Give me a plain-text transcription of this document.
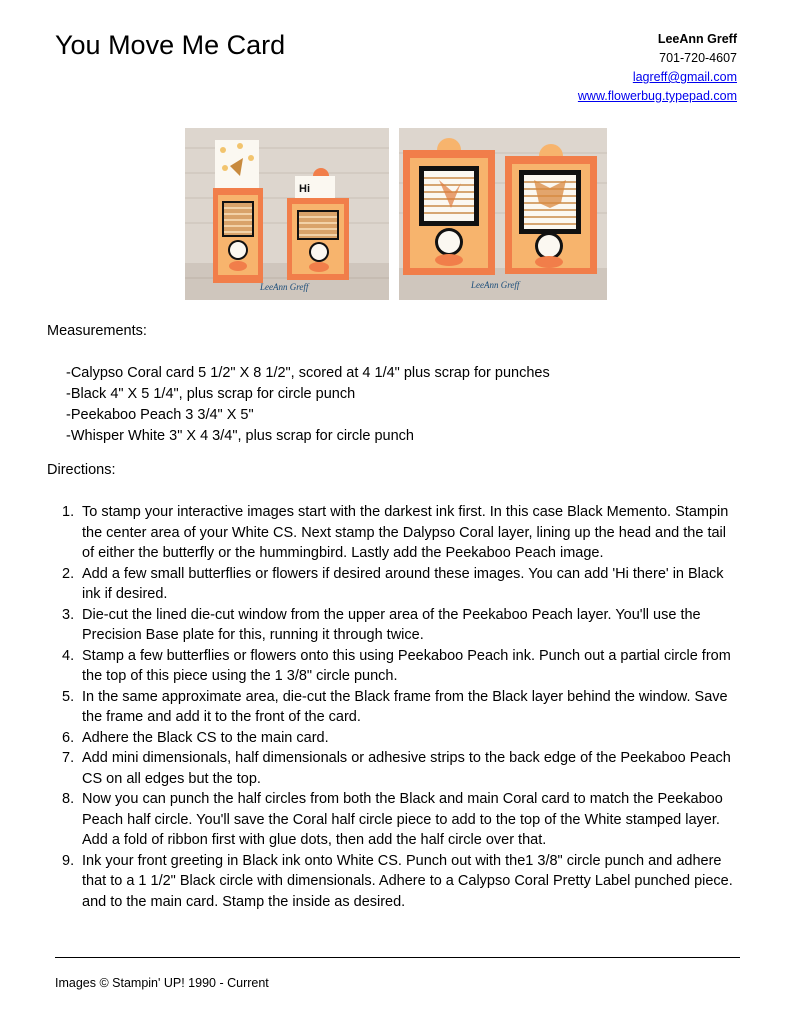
You Move Me Card	LeeAnn Greff
701-720-4607
lagreff@gmail.com
www.flowerbug.typepad.com
Hi
LeeAnn Greff	LeeAnn Greff
Measurements:
-Calypso Coral card 5 1/2" X 8 1/2", scored at 4 1/4" plus scrap for punches
-Black 4" X 5 1/4", plus scrap for circle punch
-Peekaboo Peach 3 3/4" X 5"
-Whisper White 3" X 4 3/4", plus scrap for circle punch
Directions:
1. To stamp your interactive images start with the darkest ink first. In this case Black Memento. Stampin the center area of your White CS. Next stamp the Dalypso Coral layer, lining up the head and the tail of either the butterfly or the hummingbird. Lastly add the Peekaboo Peach image.
2. Add a few small butterflies or flowers if desired around these images. You can add 'Hi there' in Black ink if desired.
3. Die-cut the lined die-cut window from the upper area of the Peekaboo Peach layer. You'll use the Precision Base plate for this, running it through twice.
4. Stamp a few butterflies or flowers onto this using Peekaboo Peach ink. Punch out a partial circle from the top of this piece using the 1 3/8" circle punch.
5. In the same approximate area, die-cut the Black frame from the Black layer behind the window. Save the frame and add it to the front of the card.
6. Adhere the Black CS to the main card.
7. Add mini dimensionals, half dimensionals or adhesive strips to the back edge of the Peekaboo Peach CS on all edges but the top.
8. Now you can punch the half circles from both the Black and main Coral card to match the Peekaboo Peach half circle. You'll save the Coral half circle piece to add to the top of the White stamped layer. Add a fold of ribbon first with glue dots, then add the half circle over that.
9. Ink your front greeting in Black ink onto White CS. Punch out with the1 3/8" circle punch and adhere that to a 1 1/2" Black circle with dimensionals. Adhere to a Calypso Coral Pretty Label punched piece. and to the main card. Stamp the inside as desired.
Images © Stampin' UP! 1990 - Current
